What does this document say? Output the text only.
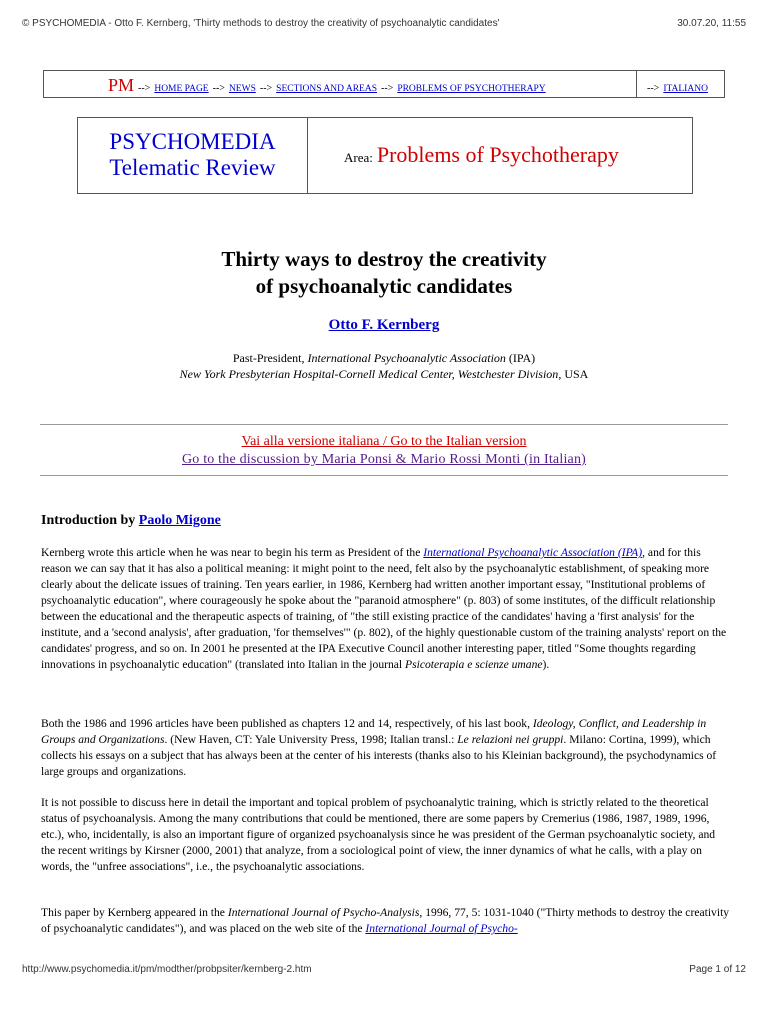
© PSYCHOMEDIA - Otto F. Kernberg, 'Thirty methods to destroy the creativity of psychoanalytic candidates'	30.07.20, 11:55
PM --> HOME PAGE --> NEWS --> SECTIONS AND AREAS --> PROBLEMS OF PSYCHOTHERAPY	--> ITALIANO
PSYCHOMEDIA
Telematic Review	Area: Problems of Psychotherapy
Thirty ways to destroy the creativity
of psychoanalytic candidates
Otto F. Kernberg
Past-President, International Psychoanalytic Association (IPA)
New York Presbyterian Hospital-Cornell Medical Center, Westchester Division, USA
Vai alla versione italiana / Go to the Italian version
Go to the discussion by Maria Ponsi & Mario Rossi Monti (in Italian)
Introduction by Paolo Migone
Kernberg wrote this article when he was near to begin his term as President of the International Psychoanalytic Association (IPA), and for this reason we can say that it has also a political meaning: it might point to the need, felt also by the psychoanalytic establishment, of speaking more clearly about the delicate issues of training. Ten years earlier, in 1986, Kernberg had written another important essay, "Institutional problems of psychoanalytic education", where courageously he spoke about the "paranoid atmosphere" (p. 803) of some institutes, of the difficult relationship between the educational and the therapeutic aspects of training, of "the still existing practice of the candidates' having a 'first analysis' for the institute, and a 'second analysis', after graduation, 'for themselves'" (p. 802), of the highly questionable custom of the training analysts' report on the candidates' progress, and so on. In 2001 he presented at the IPA Executive Council another interesting paper, titled "Some thoughts regarding innovations in psychoanalytic education" (translated into Italian in the journal Psicoterapia e scienze umane).
Both the 1986 and 1996 articles have been published as chapters 12 and 14, respectively, of his last book, Ideology, Conflict, and Leadership in Groups and Organizations. (New Haven, CT: Yale University Press, 1998; Italian transl.: Le relazioni nei gruppi. Milano: Cortina, 1999), which collects his essays on a subject that has always been at the center of his interests (thanks also to his Kleinian background), the psychodynamics of large groups and organizations.
It is not possible to discuss here in detail the important and topical problem of psychoanalytic training, which is strictly related to the theoretical status of psychoanalysis. Among the many contributions that could be mentioned, there are some papers by Cremerius (1986, 1987, 1989, 1996, etc.), who, incidentally, is also an important figure of organized psychoanalysis since he was president of the German psychoanalytic society, and the recent writings by Kirsner (2000, 2001) that analyze, from a sociological point of view, the inner dynamics of what he calls, with a play on words, the "unfree associations", i.e., the psychoanalytic associations.
This paper by Kernberg appeared in the International Journal of Psycho-Analysis, 1996, 77, 5: 1031-1040 ("Thirty methods to destroy the creativity of psychoanalytic candidates"), and was placed on the web site of the International Journal of Psycho-
http://www.psychomedia.it/pm/modther/probpsiter/kernberg-2.htm	Page 1 of 12
